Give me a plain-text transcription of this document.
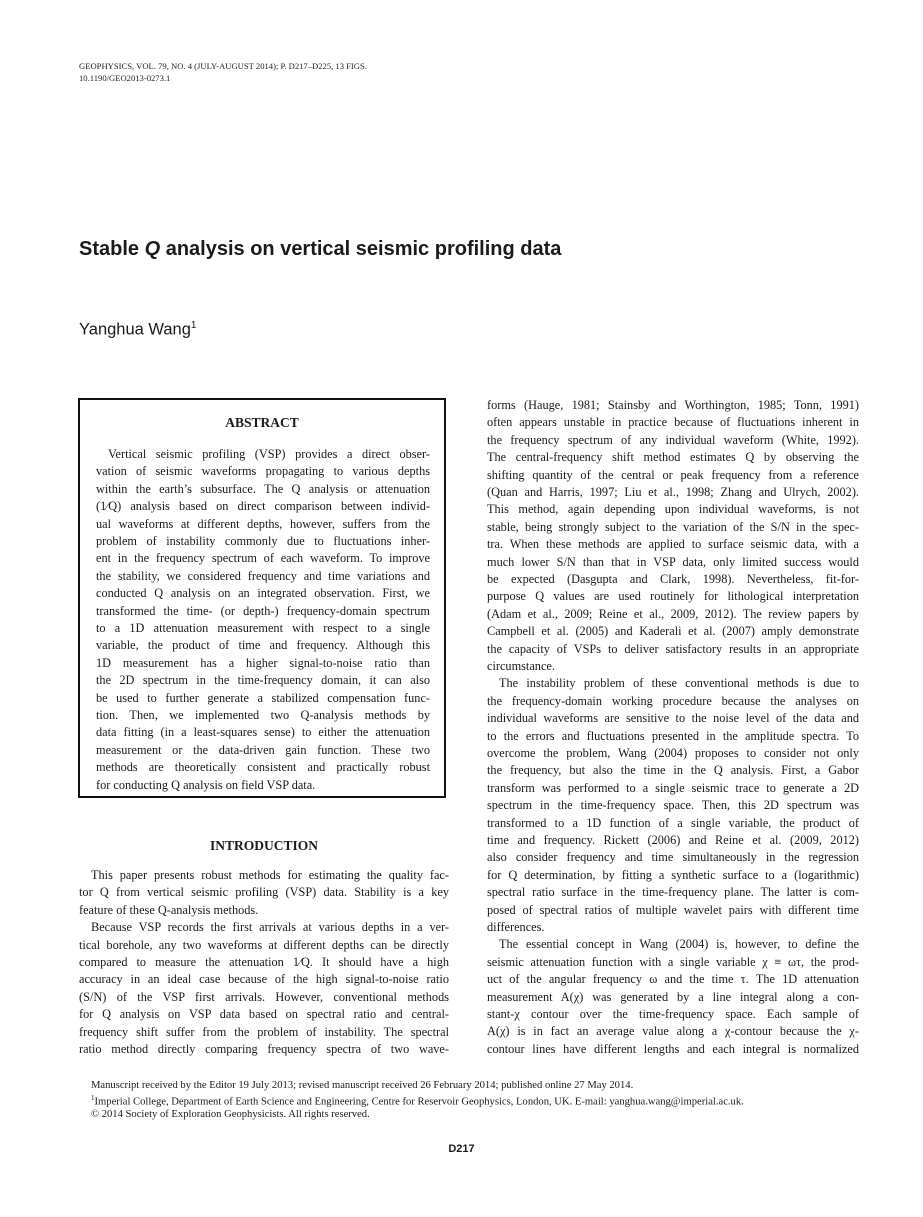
GEOPHYSICS, VOL. 79, NO. 4 (JULY-AUGUST 2014); P. D217–D225, 13 FIGS.
10.1190/GEO2013-0273.1
Stable Q analysis on vertical seismic profiling data
Yanghua Wang$^1$
ABSTRACT
Vertical seismic profiling (VSP) provides a direct obser-
vation of seismic waveforms propagating to various depths
within the earth’s subsurface. The Q analysis or attenuation
(1∕Q) analysis based on direct comparison between individ-
ual waveforms at different depths, however, suffers from the
problem of instability commonly due to fluctuations inher-
ent in the frequency spectrum of each waveform. To improve
the stability, we considered frequency and time variations and
conducted Q analysis on an integrated observation. First, we
transformed the time- (or depth-) frequency-domain spectrum
to a 1D attenuation measurement with respect to a single
variable, the product of time and frequency. Although this
1D measurement has a higher signal-to-noise ratio than
the 2D spectrum in the time-frequency domain, it can also
be used to further generate a stabilized compensation func-
tion. Then, we implemented two Q-analysis methods by
data fitting (in a least-squares sense) to either the attenuation
measurement or the data-driven gain function. These two
methods are theoretically consistent and practically robust
for conducting Q analysis on field VSP data.
INTRODUCTION
This paper presents robust methods for estimating the quality fac-
tor Q from vertical seismic profiling (VSP) data. Stability is a key
feature of these Q-analysis methods.
Because VSP records the first arrivals at various depths in a ver-
tical borehole, any two waveforms at different depths can be directly
compared to measure the attenuation 1∕Q. It should have a high
accuracy in an ideal case because of the high signal-to-noise ratio
(S/N) of the VSP first arrivals. However, conventional methods
for Q analysis on VSP data based on spectral ratio and central-
frequency shift suffer from the problem of instability. The spectral
ratio method directly comparing frequency spectra of two wave-
forms (Hauge, 1981; Stainsby and Worthington, 1985; Tonn, 1991)
often appears unstable in practice because of fluctuations inherent in
the frequency spectrum of any individual waveform (White, 1992).
The central-frequency shift method estimates Q by observing the
shifting quantity of the central or peak frequency from a reference
(Quan and Harris, 1997; Liu et al., 1998; Zhang and Ulrych, 2002).
This method, again depending upon individual waveforms, is not
stable, being strongly subject to the variation of the S/N in the spec-
tra. When these methods are applied to surface seismic data, with a
much lower S/N than that in VSP data, only limited success would
be expected (Dasgupta and Clark, 1998). Nevertheless, fit-for-
purpose Q values are used routinely for lithological interpretation
(Adam et al., 2009; Reine et al., 2009, 2012). The review papers by
Campbell et al. (2005) and Kaderali et al. (2007) amply demonstrate
the capacity of VSPs to deliver satisfactory results in an appropriate
circumstance.
The instability problem of these conventional methods is due to
the frequency-domain working procedure because the analyses on
individual waveforms are sensitive to the noise level of the data and
to the errors and fluctuations presented in the amplitude spectra. To
overcome the problem, Wang (2004) proposes to consider not only
the frequency, but also the time in the Q analysis. First, a Gabor
transform was performed to a single seismic trace to generate a 2D
spectrum in the time-frequency space. Then, this 2D spectrum was
transformed to a 1D function of a single variable, the product of
time and frequency. Rickett (2006) and Reine et al. (2009, 2012)
also consider frequency and time simultaneously in the regression
for Q determination, by fitting a synthetic surface to a (logarithmic)
spectral ratio surface in the time-frequency plane. The latter is com-
posed of spectral ratios of multiple wavelet pairs with different time
differences.
The essential concept in Wang (2004) is, however, to define the
seismic attenuation function with a single variable χ ≡ ωτ, the prod-
uct of the angular frequency ω and the time τ. The 1D attenuation
measurement A(χ) was generated by a line integral along a con-
stant-χ contour over the time-frequency space. Each sample of
A(χ) is in fact an average value along a χ-contour because the χ-
contour lines have different lengths and each integral is normalized
Manuscript received by the Editor 19 July 2013; revised manuscript received 26 February 2014; published online 27 May 2014.
$^1$Imperial College, Department of Earth Science and Engineering, Centre for Reservoir Geophysics, London, UK. E-mail: yanghua.wang@imperial.ac.uk.
© 2014 Society of Exploration Geophysicists. All rights reserved.
D217
